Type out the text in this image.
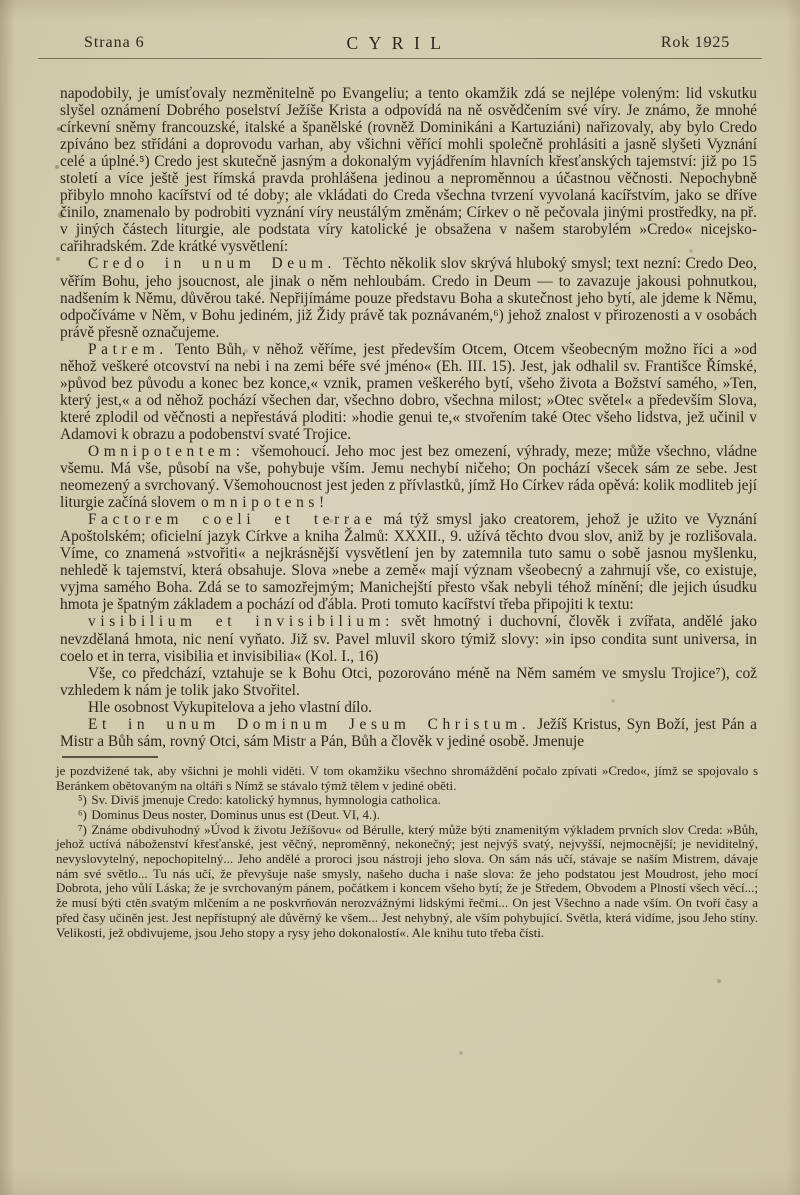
Strana 6	CYRIL	Rok 1925

napodobily, je umísťovaly nezměnitelně po Evangeliu; a tento okamžik zdá se nejlépe voleným: lid vskutku slyšel oznámení Dobrého poselství Ježíše Krista a odpovídá na ně osvědčením své víry. Je známo, že mnohé církevní sněmy francouzské, italské a španělské (rovněž Dominikáni a Kartuziáni) nařizovaly, aby bylo Credo zpíváno bez střídáni a doprovodu varhan, aby všichni věřící mohli společně prohlásiti a jasně slyšeti Vyznání celé a úplné.⁵) Credo jest skutečně jasným a dokonalým vyjádřením hlavních křesťanských tajemství: již po 15 století a více ještě jest římská pravda prohlášena jedinou a neproměnnou a účastnou věčnosti. Nepochybně přibylo mnoho kacířství od té doby; ale vkládati do Creda všechna tvrzení vyvolaná kacířstvím, jako se dříve činilo, znamenalo by podrobiti vyznání víry neustálým změnám; Církev o ně pečovala jinými prostředky, na př. v jiných částech liturgie, ale podstata víry katolické je obsažena v našem starobylém »Credo« nicejsko-cařihradském. Zde krátké vysvětlení:

Credo in unum Deum. Těchto několik slov skrývá hluboký smysl; text nezní: Credo Deo, věřím Bohu, jeho jsoucnost, ale jinak o něm nehloubám. Credo in Deum — to zavazuje jakousi pohnutkou, nadšením k Němu, důvěrou také. Nepřijímáme pouze představu Boha a skutečnost jeho bytí, ale jdeme k Němu, odpočíváme v Něm, v Bohu jediném, již Židy právě tak poznávaném,⁶) jehož znalost v přirozenosti a v osobách právě přesně označujeme.

Patrem. Tento Bůh, v něhož věříme, jest především Otcem, Otcem všeobecným možno říci a »od něhož veškeré otcovství na nebi i na zemi béře své jméno« (Eh. III. 15). Jest, jak odhalil sv. Františce Římské, »původ bez původu a konec bez konce,« vznik, pramen veškerého bytí, všeho života a Božství samého, »Ten, který jest,« a od něhož pochází všechen dar, všechno dobro, všechna milost; »Otec světel« a především Slova, které zplodil od věčnosti a nepřestává ploditi: »hodie genui te,« stvořením také Otec všeho lidstva, jež učinil v Adamovi k obrazu a podobenství svaté Trojice.

Omnipotentem: všemohoucí. Jeho moc jest bez omezení, výhrady, meze; může všechno, vládne všemu. Má vše, působí na vše, pohybuje vším. Jemu nechybí ničeho; On pochází všecek sám ze sebe. Jest neomezený a svrchovaný. Všemohoucnost jest jeden z přívlastků, jímž Ho Církev ráda opěvá: kolik modliteb její liturgie začíná slovem omnipotens!

Factorem coeli et terrae má týž smysl jako creatorem, jehož je užito ve Vyznání Apoštolském; oficielní jazyk Církve a kniha Žalmů: XXXII., 9. užívá těchto dvou slov, aniž by je rozlišovala. Víme, co znamená »stvořiti« a nejkrásnější vysvětlení jen by zatemnila tuto samu o sobě jasnou myšlenku, nehledě k tajemství, která obsahuje. Slova »nebe a země« mají význam všeobecný a zahrnují vše, co existuje, vyjma samého Boha. Zdá se to samozřejmým; Manichejští přesto však nebyli téhož mínění; dle jejich úsudku hmota je špatným základem a pochází od ďábla. Proti tomuto kacířství třeba připojiti k textu:

visibilium et invisibilium: svět hmotný i duchovní, člověk i zvířata, andělé jako nevzdělaná hmota, nic není vyňato. Již sv. Pavel mluvil skoro týmiž slovy: »in ipso condita sunt universa, in coelo et in terra, visibilia et invisibilia« (Kol. I., 16)

Vše, co předchází, vztahuje se k Bohu Otci, pozorováno méně na Něm samém ve smyslu Trojice⁷), což vzhledem k nám je tolik jako Stvořitel.

Hle osobnost Vykupitelova a jeho vlastní dílo.

Et in unum Dominum Jesum Christum. Ježíš Kristus, Syn Boží, jest Pán a Mistr a Bůh sám, rovný Otci, sám Mistr a Pán, Bůh a člověk v jediné osobě. Jmenuje

je pozdvižené tak, aby všichni je mohli viděti. V tom okamžiku všechno shromáždění počalo zpívati »Credo«, jímž se spojovalo s Beránkem obětovaným na oltáři s Nímž se stávalo týmž tělem v jediné oběti.

⁵) Sv. Diviš jmenuje Credo: katolický hymnus, hymnologia catholica.

⁶) Dominus Deus noster, Dominus unus est (Deut. VI, 4.).

⁷) Známe obdivuhodný »Úvod k životu Ježíšovu« od Bérulle, který může býti znamenitým výkladem prvních slov Creda: »Bůh, jehož uctívá náboženství křesťanské, jest věčný, neproměnný, nekonečný; jest nejvýš svatý, nejvyšší, nejmocnější; je neviditelný, nevyslovytelný, nepochopitelný... Jeho andělé a proroci jsou nástroji jeho slova. On sám nás učí, stávaje se naším Mistrem, dávaje nám své světlo... Tu nás učí, že převyšuje naše smysly, našeho ducha i naše slova: že jeho podstatou jest Moudrost, jeho mocí Dobrota, jeho vůlí Láska; že je svrchovaným pánem, počátkem i koncem všeho bytí; že je Středem, Obvodem a Plností všech věcí...; že musí býti ctěn svatým mlčením a ne poskvrňován nerozvážnými lidskými řečmi... On jest Všechno a nade vším. On tvoří časy a před časy učiněn jest. Jest nepřístupný ale důvěrný ke všem... Jest nehybný, ale vším pohybující. Světla, která vidíme, jsou Jeho stíny. Velikosti, jež obdivujeme, jsou Jeho stopy a rysy jeho dokonalostí«. Ale knihu tuto třeba čísti.
